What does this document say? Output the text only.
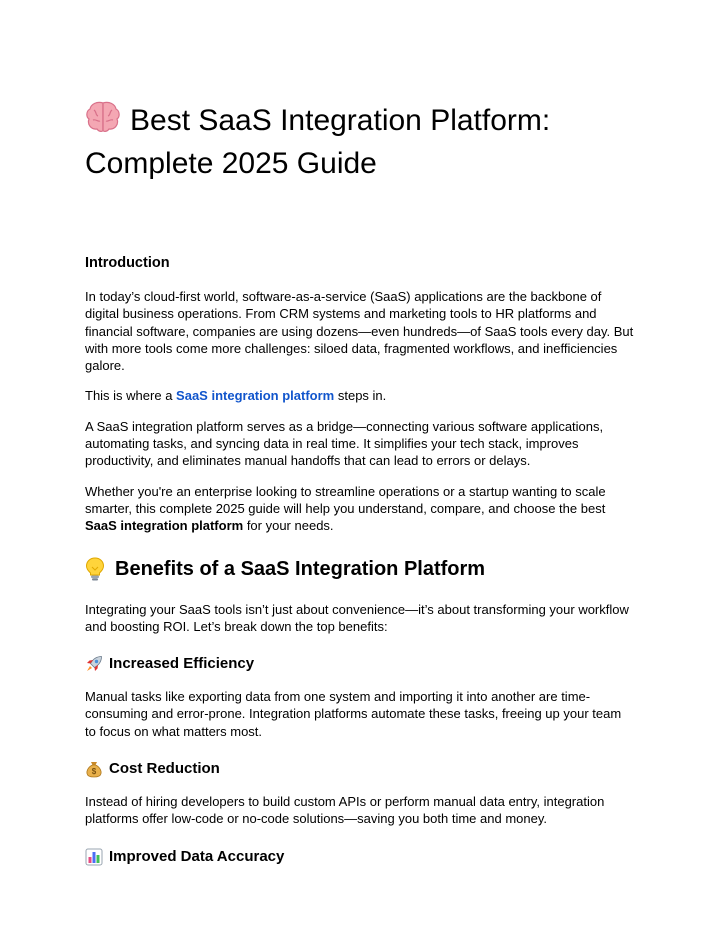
Best SaaS Integration Platform:
Complete 2025 Guide
Introduction

In today’s cloud-first world, software-as-a-service (SaaS) applications are the backbone of digital business operations. From CRM systems and marketing tools to HR platforms and financial software, companies are using dozens—even hundreds—of SaaS tools every day. But with more tools come more challenges: siloed data, fragmented workflows, and inefficiencies galore.

This is where a SaaS integration platform steps in.

A SaaS integration platform serves as a bridge—connecting various software applications, automating tasks, and syncing data in real time. It simplifies your tech stack, improves productivity, and eliminates manual handoffs that can lead to errors or delays.

Whether you're an enterprise looking to streamline operations or a startup wanting to scale smarter, this complete 2025 guide will help you understand, compare, and choose the best SaaS integration platform for your needs.

Benefits of a SaaS Integration Platform

Integrating your SaaS tools isn’t just about convenience—it’s about transforming your workflow and boosting ROI. Let’s break down the top benefits:

Increased Efficiency

Manual tasks like exporting data from one system and importing it into another are time-consuming and error-prone. Integration platforms automate these tasks, freeing up your team to focus on what matters most.

$ Cost Reduction

Instead of hiring developers to build custom APIs or perform manual data entry, integration platforms offer low-code or no-code solutions—saving you both time and money.

Improved Data Accuracy
